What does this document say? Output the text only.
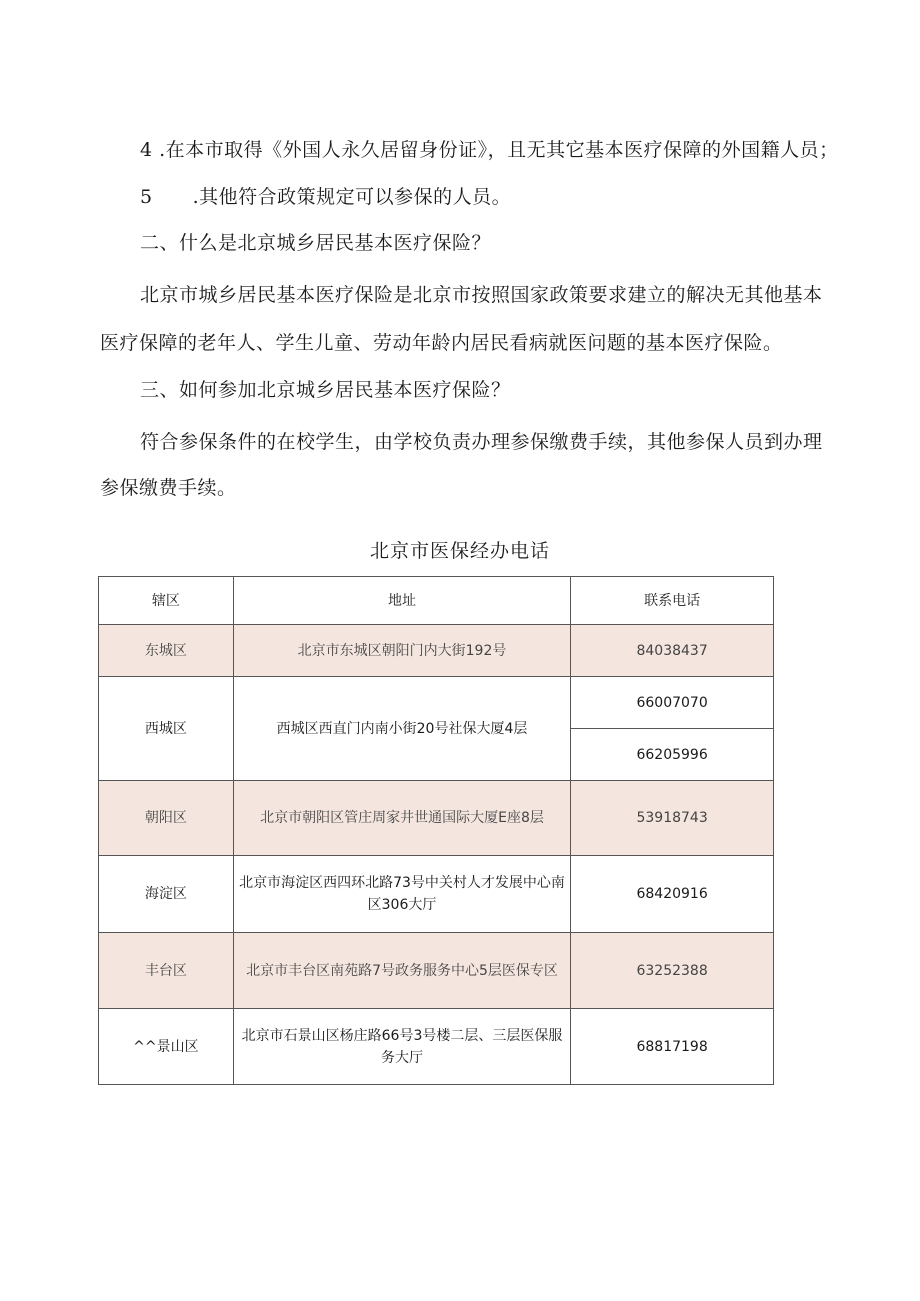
4 .在本市取得《外国人永久居留身份证》，且无其它基本医疗保障的外国籍人员；
5 .其他符合政策规定可以参保的人员。
二、什么是北京城乡居民基本医疗保险？
北京市城乡居民基本医疗保险是北京市按照国家政策要求建立的解决无其他基本
医疗保障的老年人、学生儿童、劳动年龄内居民看病就医问题的基本医疗保险。
三、如何参加北京城乡居民基本医疗保险？
符合参保条件的在校学生，由学校负责办理参保缴费手续，其他参保人员到办理
参保缴费手续。
北京市医保经办电话
辖区	地址	联系电话
东城区	北京市东城区朝阳门内大街192号	84038437
西城区	西城区西直门内南小街20号社保大厦4层	66007070
		66205996
朝阳区	北京市朝阳区管庄周家井世通国际大厦E座8层	53918743
海淀区	北京市海淀区西四环北路73号中关村人才发展中心南
区306大厅	68420916
丰台区	北京市丰台区南苑路7号政务服务中心5层医保专区	63252388
^^景山区	北京市石景山区杨庄路66号3号楼二层、三层医保服
务大厅	68817198
